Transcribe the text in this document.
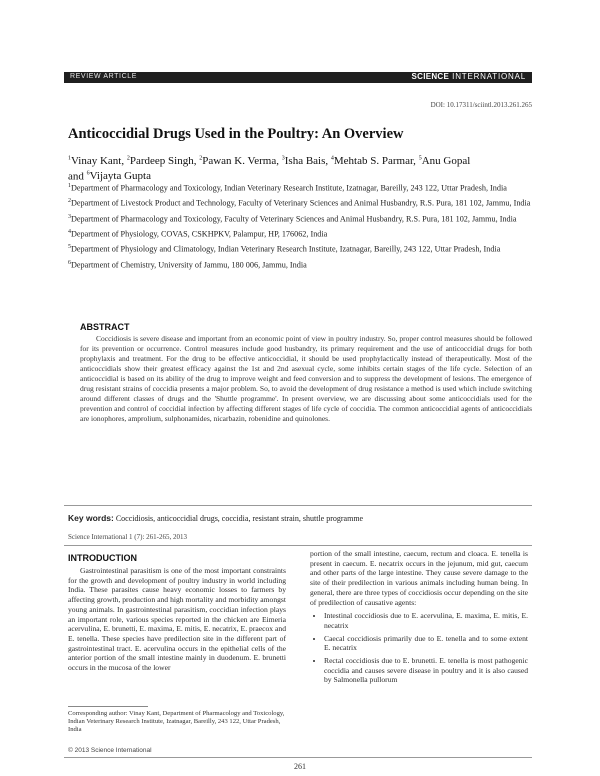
REVIEW ARTICLE	SCIENCE INTERNATIONAL
DOI: 10.17311/sciintl.2013.261.265
Anticoccidial Drugs Used in the Poultry: An Overview
$^1$Vinay Kant, $^2$Pardeep Singh, $^2$Pawan K. Verma, $^3$Isha Bais, $^4$Mehtab S. Parmar, $^5$Anu Gopal
and $^6$Vijayta Gupta
$^1$Department of Pharmacology and Toxicology, Indian Veterinary Research Institute, Izatnagar, Bareilly, 243 122, Uttar Pradesh, India
$^2$Department of Livestock Product and Technology, Faculty of Veterinary Sciences and Animal Husbandry, R.S. Pura, 181 102, Jammu, India
$^3$Department of Pharmacology and Toxicology, Faculty of Veterinary Sciences and Animal Husbandry, R.S. Pura, 181 102, Jammu, India
$^4$Department of Physiology, COVAS, CSKHPKV, Palampur, HP, 176062, India
$^5$Department of Physiology and Climatology, Indian Veterinary Research Institute, Izatnagar, Bareilly, 243 122, Uttar Pradesh, India
$^6$Department of Chemistry, University of Jammu, 180 006, Jammu, India
ABSTRACT

Coccidiosis is severe disease and important from an economic point of view in poultry industry. So, proper control measures should be followed for its prevention or occurrence. Control measures include good husbandry, its primary requirement and the use of anticoccidial drugs for both prophylaxis and treatment. For the drug to be effective anticoccidial, it should be used prophylactically instead of therapeutically. Most of the anticoccidials show their greatest efficacy against the 1st and 2nd asexual cycle, some inhibits certain stages of the life cycle. Selection of an anticoccidial is based on its ability of the drug to improve weight and feed conversion and to suppress the development of lesions. The emergence of drug resistant strains of coccidia presents a major problem. So, to avoid the development of drug resistance a method is used which include switching around different classes of drugs and the 'Shuttle programme'. In present overview, we are discussing about some anticoccidials used for the prevention and control of coccidial infection by affecting different stages of life cycle of coccidia. The common anticoccidial agents of anticoccidials are ionophores, amprolium, sulphonamides, nicarbazin, robenidine and quinolones.

Key words: Coccidiosis, anticoccidial drugs, coccidia, resistant strain, shuttle programme
Science International 1 (7): 261-265, 2013
INTRODUCTION

Gastrointestinal parasitism is one of the most important constraints for the growth and development of poultry industry in world including India. These parasites cause heavy economic losses to farmers by affecting growth, production and high mortality and morbidity amongst young animals. In gastrointestinal parasitism, coccidian infection plays an important role, various species reported in the chicken are Eimeria acervulina, E. brunetti, E. maxima, E. mitis, E. necatrix, E. praecox and E. tenella. These species have predilection site in the different part of gastrointestinal tract. E. acervulina occurs in the epithelial cells of the anterior portion of the small intestine mainly in duodenum. E. brunetti occurs in the mucosa of the lower

portion of the small intestine, caecum, rectum and cloaca. E. tenella is present in caecum. E. necatrix occurs in the jejunum, mid gut, caecum and other parts of the large intestine. They cause severe damage to the site of their predilection in various animals including human being. In general, there are three types of coccidiosis occur depending on the site of predilection of causative agents:

• Intestinal coccidiosis due to E. acervulina, E. maxima, E. mitis, E. necatrix
• Caecal coccidiosis primarily due to E. tenella and to some extent E. necatrix
• Rectal coccidiosis due to E. brunetti. E. tenella is most pathogenic coccidia and causes severe disease in poultry and it is also caused by Salmonella pullorum
Corresponding author: Vinay Kant, Department of Pharmacology and Toxicology, Indian Veterinary Research Institute, Izatnagar, Bareilly, 243 122, Uttar Pradesh, India
© 2013 Science International
261
